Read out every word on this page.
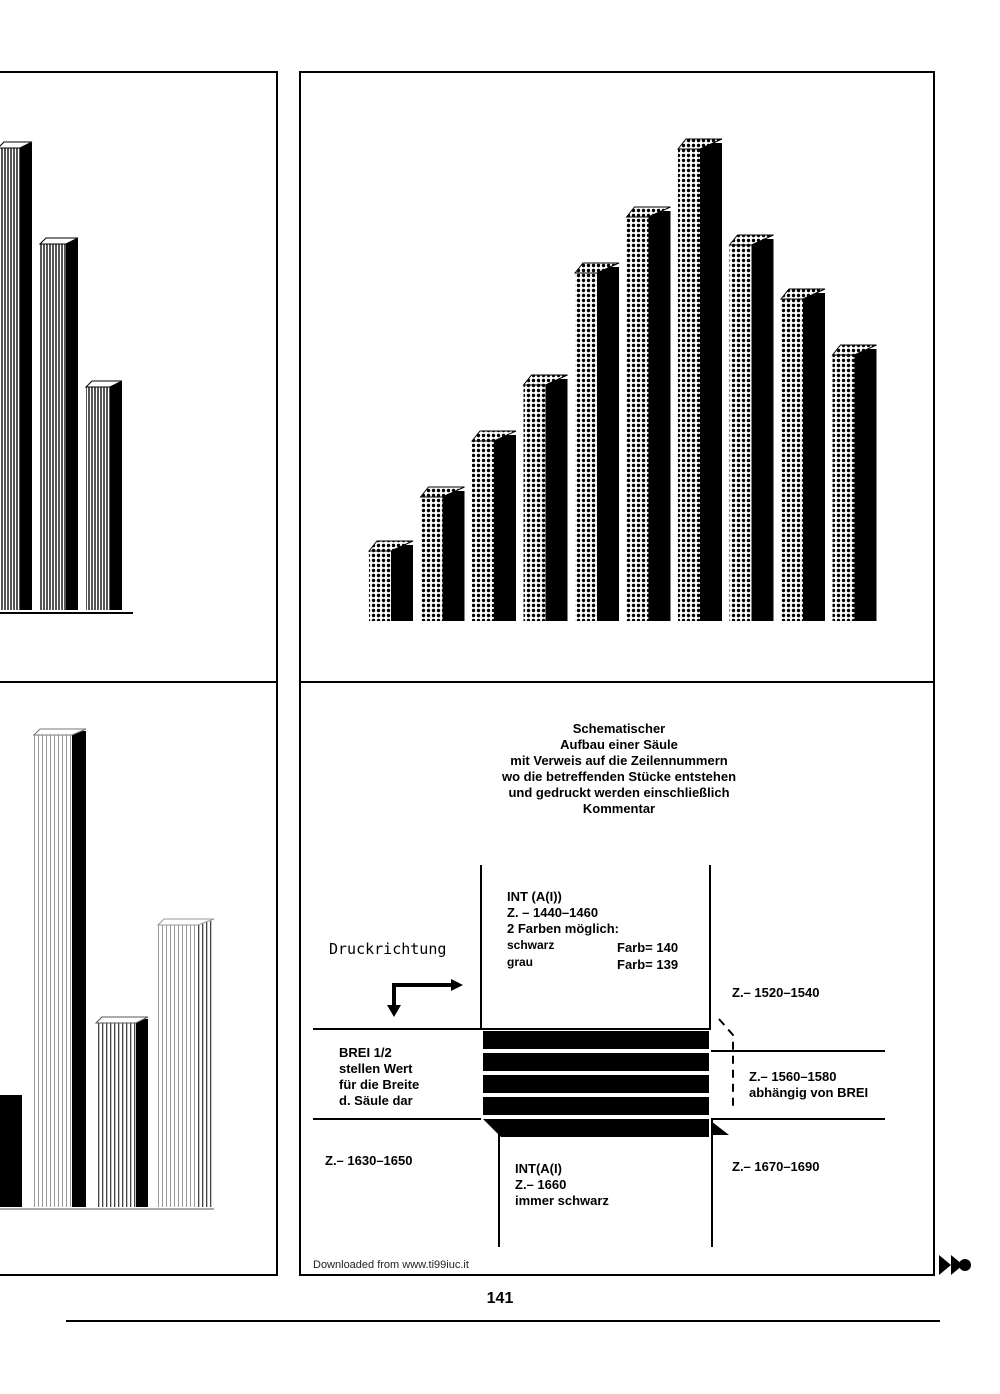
Schematischer
Aufbau einer Säule
mit Verweis auf die Zeilennummern
wo die betreffenden Stücke entstehen
und gedruckt werden einschließlich
Kommentar
INT (A(I))
Z. – 1440–1460
2 Farben möglich:
schwarz
grau
Farb= 140
Farb= 139
Druckrichtung
Z.– 1520–1540
BREI 1/2
stellen Wert
für die Breite
d. Säule dar
Z.– 1560–1580
abhängig von BREI
Z.– 1630–1650
INT(A(I)
Z.– 1660
immer schwarz
Z.– 1670–1690
Downloaded from www.ti99iuc.it
141
